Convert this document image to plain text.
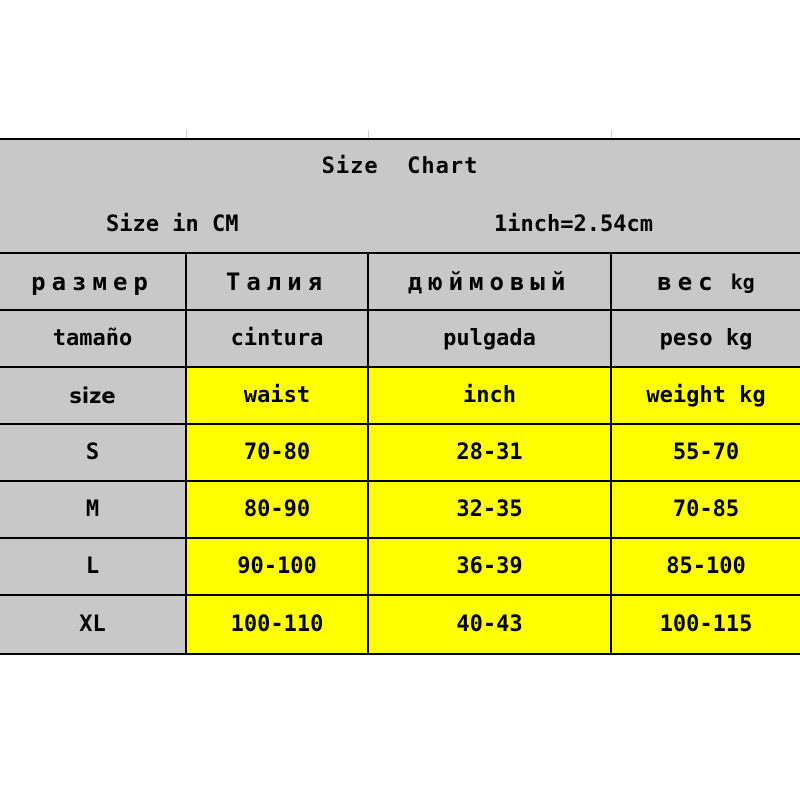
Size  Chart
Size in CM	1inch=2.54cm
размер	Талия	дюймовый	вес kg
tamaño	cintura	pulgada	peso kg
size	waist	inch	weight kg
S	70-80	28-31	55-70
M	80-90	32-35	70-85
L	90-100	36-39	85-100
XL	100-110	40-43	100-115
